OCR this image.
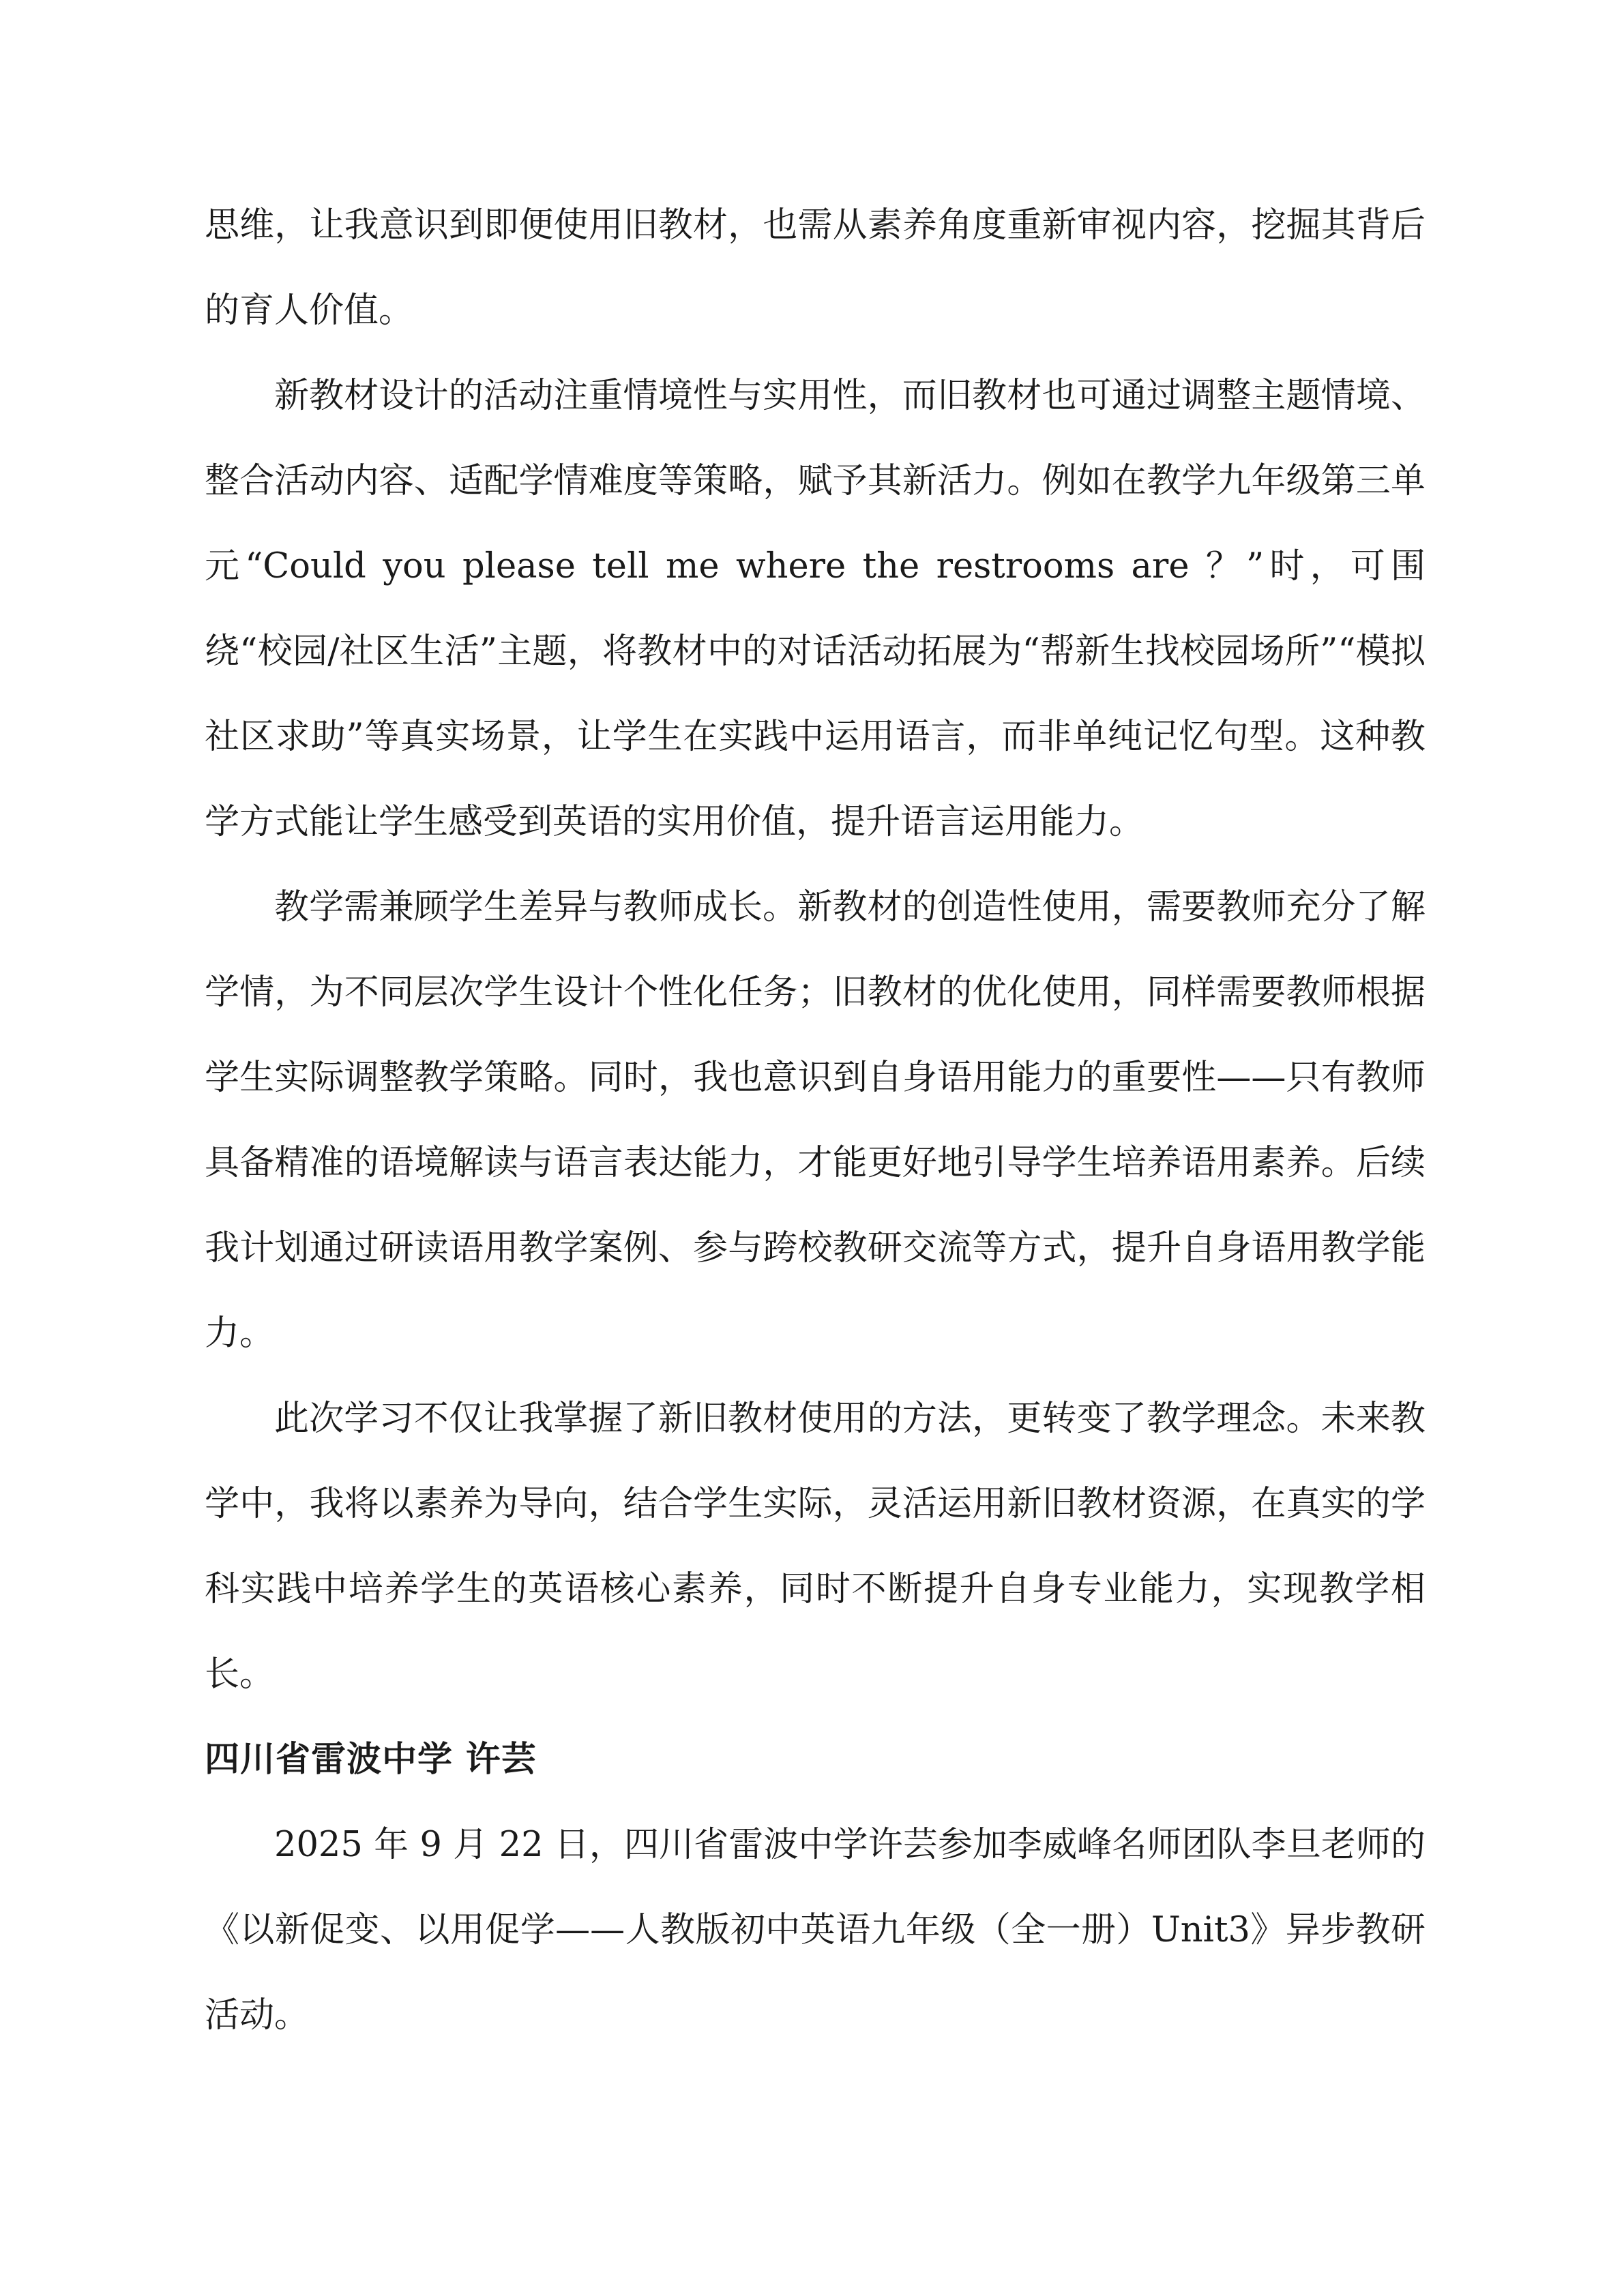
思维，让我意识到即便使用旧教材，也需从素养角度重新审视内容，挖掘其背后的育人价值。

新教材设计的活动注重情境性与实用性，而旧教材也可通过调整主题情境、整合活动内容、适配学情难度等策略，赋予其新活力。例如在教学九年级第三单元“Could you please tell me where the restrooms are ？”时，可围绕“校园/社区生活”主题，将教材中的对话活动拓展为“帮新生找校园场所”“模拟社区求助”等真实场景，让学生在实践中运用语言，而非单纯记忆句型。这种教学方式能让学生感受到英语的实用价值，提升语言运用能力。

教学需兼顾学生差异与教师成长。新教材的创造性使用，需要教师充分了解学情，为不同层次学生设计个性化任务；旧教材的优化使用，同样需要教师根据学生实际调整教学策略。同时，我也意识到自身语用能力的重要性——只有教师具备精准的语境解读与语言表达能力，才能更好地引导学生培养语用素养。后续我计划通过研读语用教学案例、参与跨校教研交流等方式，提升自身语用教学能力。

此次学习不仅让我掌握了新旧教材使用的方法，更转变了教学理念。未来教学中，我将以素养为导向，结合学生实际，灵活运用新旧教材资源，在真实的学科实践中培养学生的英语核心素养，同时不断提升自身专业能力，实现教学相长。

四川省雷波中学 许芸

2025 年 9 月 22 日，四川省雷波中学许芸参加李威峰名师团队李旦老师的《以新促变、以用促学——人教版初中英语九年级（全一册）Unit3》异步教研活动。
